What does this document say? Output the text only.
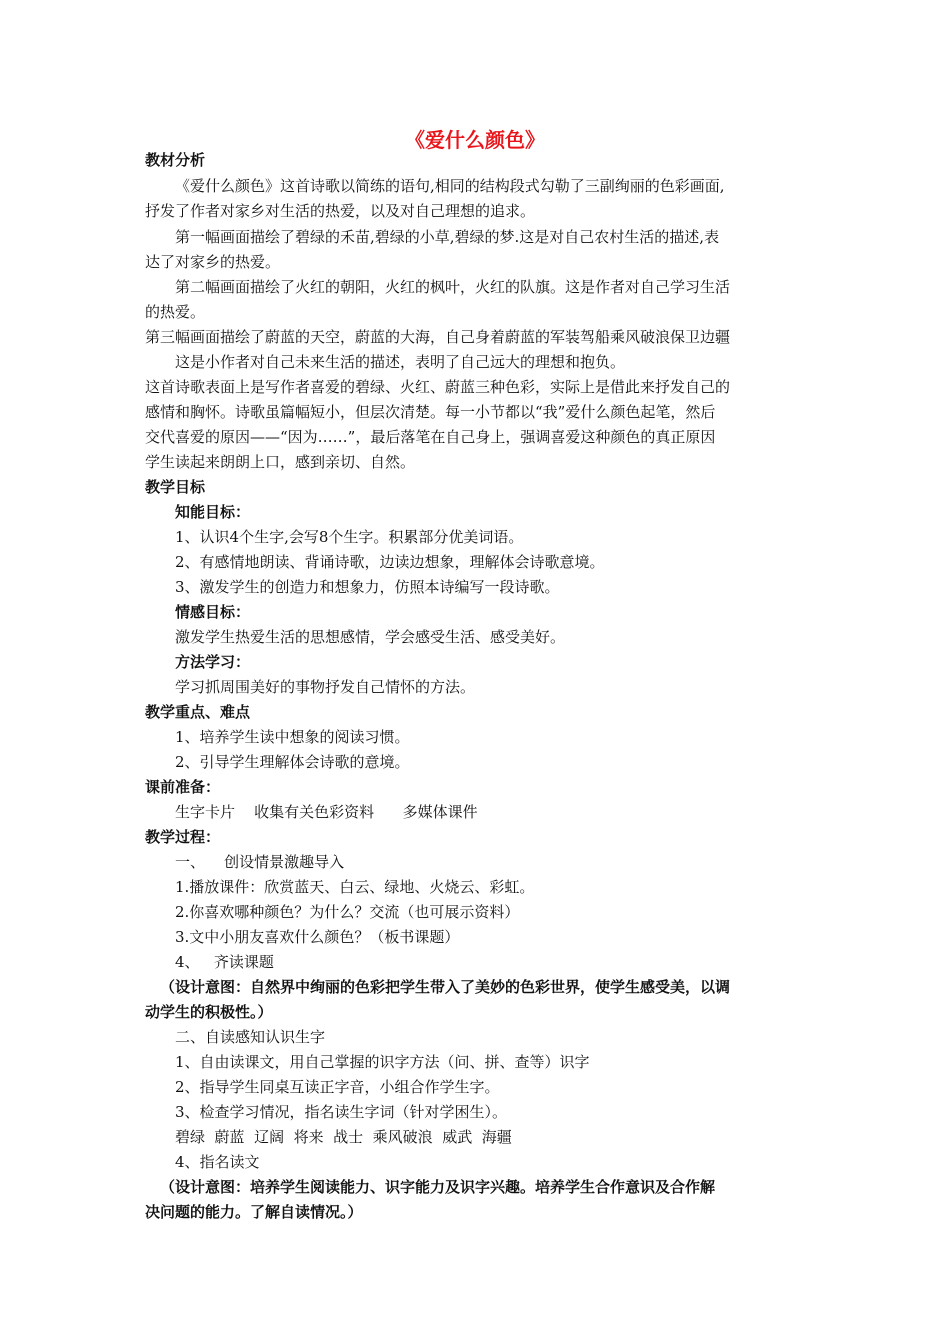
《爱什么颜色》
教材分析
《爱什么颜色》这首诗歌以简练的语句,相同的结构段式勾勒了三副绚丽的色彩画面,
抒发了作者对家乡对生活的热爱，以及对自己理想的追求。
第一幅画面描绘了碧绿的禾苗,碧绿的小草,碧绿的梦.这是对自己农村生活的描述,表
达了对家乡的热爱。
第二幅画面描绘了火红的朝阳，火红的枫叶，火红的队旗。这是作者对自己学习生活
的热爱。
第三幅画面描绘了蔚蓝的天空，蔚蓝的大海，自己身着蔚蓝的军装驾船乘风破浪保卫边疆
这是小作者对自己未来生活的描述，表明了自己远大的理想和抱负。
这首诗歌表面上是写作者喜爱的碧绿、火红、蔚蓝三种色彩，实际上是借此来抒发自己的
感情和胸怀。诗歌虽篇幅短小，但层次清楚。每一小节都以“我”爱什么颜色起笔，然后
交代喜爱的原因——“因为……”，最后落笔在自己身上，强调喜爱这种颜色的真正原因
学生读起来朗朗上口，感到亲切、自然。
教学目标
知能目标：
1、认识4个生字,会写8个生字。积累部分优美词语。
2、有感情地朗读、背诵诗歌，边读边想象，理解体会诗歌意境。
3、激发学生的创造力和想象力，仿照本诗编写一段诗歌。
情感目标：
激发学生热爱生活的思想感情，学会感受生活、感受美好。
方法学习：
学习抓周围美好的事物抒发自己情怀的方法。
教学重点、难点
1、培养学生读中想象的阅读习惯。
2、引导学生理解体会诗歌的意境。
课前准备：
生字卡片    收集有关色彩资料      多媒体课件
教学过程：
一、    创设情景激趣导入
1.播放课件：欣赏蓝天、白云、绿地、火烧云、彩虹。
2.你喜欢哪种颜色？为什么？交流（也可展示资料）
3.文中小朋友喜欢什么颜色？（板书课题）
4、   齐读课题
（设计意图：自然界中绚丽的色彩把学生带入了美妙的色彩世界，使学生感受美，以调
动学生的积极性。）
二、自读感知认识生字
1、自由读课文，用自己掌握的识字方法（问、拼、查等）识字
2、指导学生同桌互读正字音，小组合作学生字。
3、检查学习情况，指名读生字词（针对学困生）。
碧绿  蔚蓝  辽阔  将来  战士  乘风破浪  威武  海疆
4、指名读文
（设计意图：培养学生阅读能力、识字能力及识字兴趣。培养学生合作意识及合作解
决问题的能力。了解自读情况。）
